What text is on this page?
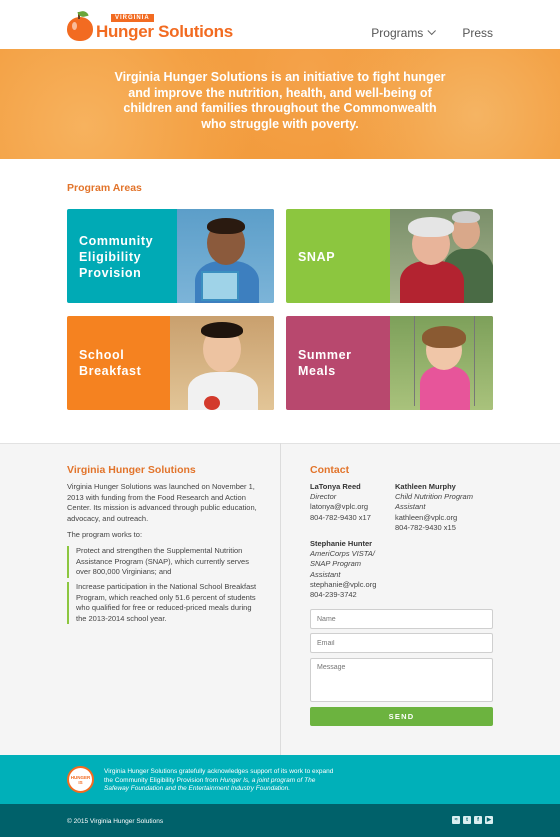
VIRGINIA
Hunger Solutions	Programs	Press

Virginia Hunger Solutions is an initiative to fight hunger and improve the nutrition, health, and well-being of children and families throughout the Commonwealth who struggle with poverty.

Program Areas
Community Eligibility Provision
SNAP
School Breakfast
Summer Meals
Virginia Hunger Solutions
Virginia Hunger Solutions was launched on November 1, 2013 with funding from the Food Research and Action Center. Its mission is advanced through public education, advocacy, and outreach.
The program works to:
Protect and strengthen the Supplemental Nutrition Assistance Program (SNAP), which currently serves over 800,000 Virginians; and
Increase participation in the National School Breakfast Program, which reached only 51.6 percent of students who qualified for free or reduced-priced meals during the 2013-2014 school year.
Contact
LaTonya Reed
Director
latonya@vplc.org
804-782-9430 x17
Kathleen Murphy
Child Nutrition Program Assistant
kathleen@vplc.org
804-782-9430 x15
Stephanie Hunter
AmeriCorps VISTA/ SNAP Program Assistant
stephanie@vplc.org
804-239-3742
Name
Email
Message
SEND
HUNGER IS
Virginia Hunger Solutions gratefully acknowledges support of its work to expand the Community Eligibility Provision from Hunger Is, a joint program of The Safeway Foundation and the Entertainment Industry Foundation.
© 2015 Virginia Hunger Solutions	≈	t	f	▶
